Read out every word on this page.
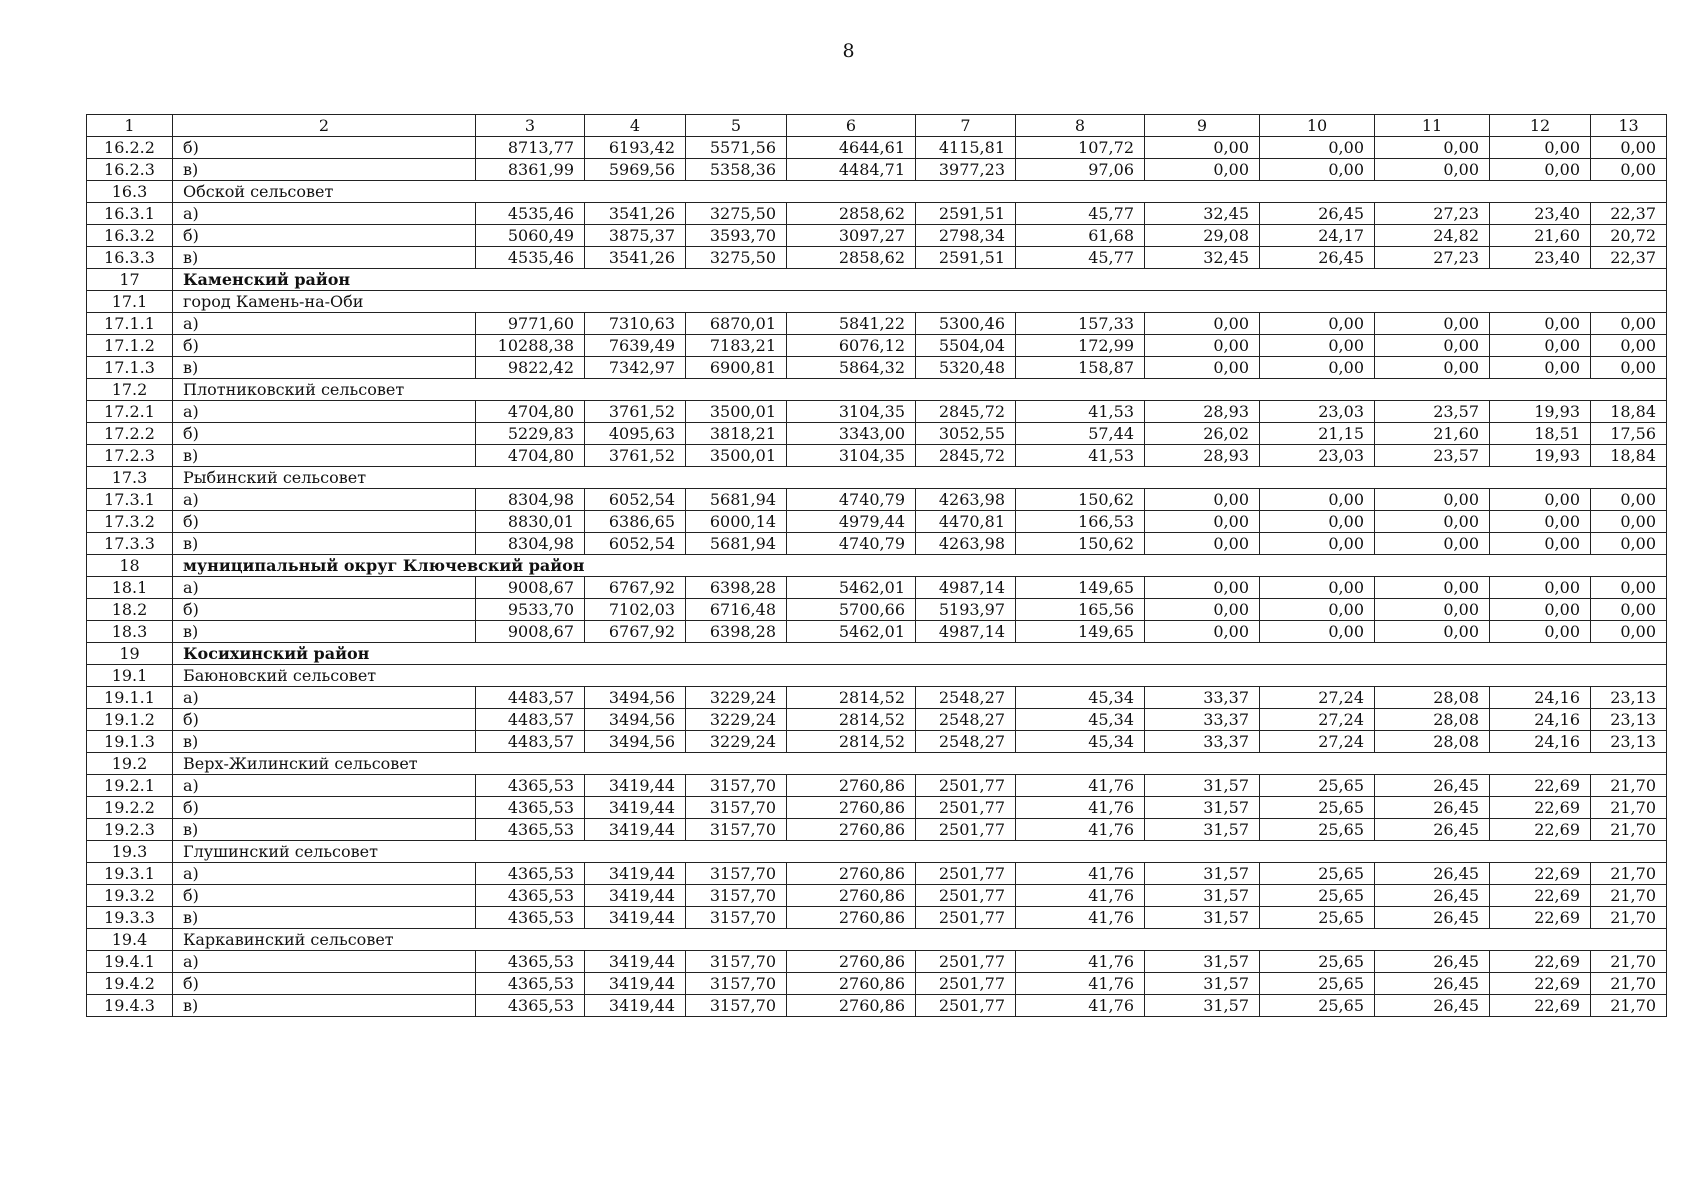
8
1	2	3	4	5	6	7	8	9	10	11	12	13
16.2.2	б)	8713,77	6193,42	5571,56	4644,61	4115,81	107,72	0,00	0,00	0,00	0,00	0,00
16.2.3	в)	8361,99	5969,56	5358,36	4484,71	3977,23	97,06	0,00	0,00	0,00	0,00	0,00
16.3	Обской сельсовет											
16.3.1	а)	4535,46	3541,26	3275,50	2858,62	2591,51	45,77	32,45	26,45	27,23	23,40	22,37
16.3.2	б)	5060,49	3875,37	3593,70	3097,27	2798,34	61,68	29,08	24,17	24,82	21,60	20,72
16.3.3	в)	4535,46	3541,26	3275,50	2858,62	2591,51	45,77	32,45	26,45	27,23	23,40	22,37
17	Каменский район											
17.1	город Камень-на-Оби											
17.1.1	а)	9771,60	7310,63	6870,01	5841,22	5300,46	157,33	0,00	0,00	0,00	0,00	0,00
17.1.2	б)	10288,38	7639,49	7183,21	6076,12	5504,04	172,99	0,00	0,00	0,00	0,00	0,00
17.1.3	в)	9822,42	7342,97	6900,81	5864,32	5320,48	158,87	0,00	0,00	0,00	0,00	0,00
17.2	Плотниковский сельсовет											
17.2.1	а)	4704,80	3761,52	3500,01	3104,35	2845,72	41,53	28,93	23,03	23,57	19,93	18,84
17.2.2	б)	5229,83	4095,63	3818,21	3343,00	3052,55	57,44	26,02	21,15	21,60	18,51	17,56
17.2.3	в)	4704,80	3761,52	3500,01	3104,35	2845,72	41,53	28,93	23,03	23,57	19,93	18,84
17.3	Рыбинский сельсовет											
17.3.1	а)	8304,98	6052,54	5681,94	4740,79	4263,98	150,62	0,00	0,00	0,00	0,00	0,00
17.3.2	б)	8830,01	6386,65	6000,14	4979,44	4470,81	166,53	0,00	0,00	0,00	0,00	0,00
17.3.3	в)	8304,98	6052,54	5681,94	4740,79	4263,98	150,62	0,00	0,00	0,00	0,00	0,00
18	муниципальный округ Ключевский район											
18.1	а)	9008,67	6767,92	6398,28	5462,01	4987,14	149,65	0,00	0,00	0,00	0,00	0,00
18.2	б)	9533,70	7102,03	6716,48	5700,66	5193,97	165,56	0,00	0,00	0,00	0,00	0,00
18.3	в)	9008,67	6767,92	6398,28	5462,01	4987,14	149,65	0,00	0,00	0,00	0,00	0,00
19	Косихинский район											
19.1	Баюновский сельсовет											
19.1.1	а)	4483,57	3494,56	3229,24	2814,52	2548,27	45,34	33,37	27,24	28,08	24,16	23,13
19.1.2	б)	4483,57	3494,56	3229,24	2814,52	2548,27	45,34	33,37	27,24	28,08	24,16	23,13
19.1.3	в)	4483,57	3494,56	3229,24	2814,52	2548,27	45,34	33,37	27,24	28,08	24,16	23,13
19.2	Верх-Жилинский сельсовет											
19.2.1	а)	4365,53	3419,44	3157,70	2760,86	2501,77	41,76	31,57	25,65	26,45	22,69	21,70
19.2.2	б)	4365,53	3419,44	3157,70	2760,86	2501,77	41,76	31,57	25,65	26,45	22,69	21,70
19.2.3	в)	4365,53	3419,44	3157,70	2760,86	2501,77	41,76	31,57	25,65	26,45	22,69	21,70
19.3	Глушинский сельсовет											
19.3.1	а)	4365,53	3419,44	3157,70	2760,86	2501,77	41,76	31,57	25,65	26,45	22,69	21,70
19.3.2	б)	4365,53	3419,44	3157,70	2760,86	2501,77	41,76	31,57	25,65	26,45	22,69	21,70
19.3.3	в)	4365,53	3419,44	3157,70	2760,86	2501,77	41,76	31,57	25,65	26,45	22,69	21,70
19.4	Каркавинский сельсовет											
19.4.1	а)	4365,53	3419,44	3157,70	2760,86	2501,77	41,76	31,57	25,65	26,45	22,69	21,70
19.4.2	б)	4365,53	3419,44	3157,70	2760,86	2501,77	41,76	31,57	25,65	26,45	22,69	21,70
19.4.3	в)	4365,53	3419,44	3157,70	2760,86	2501,77	41,76	31,57	25,65	26,45	22,69	21,70
